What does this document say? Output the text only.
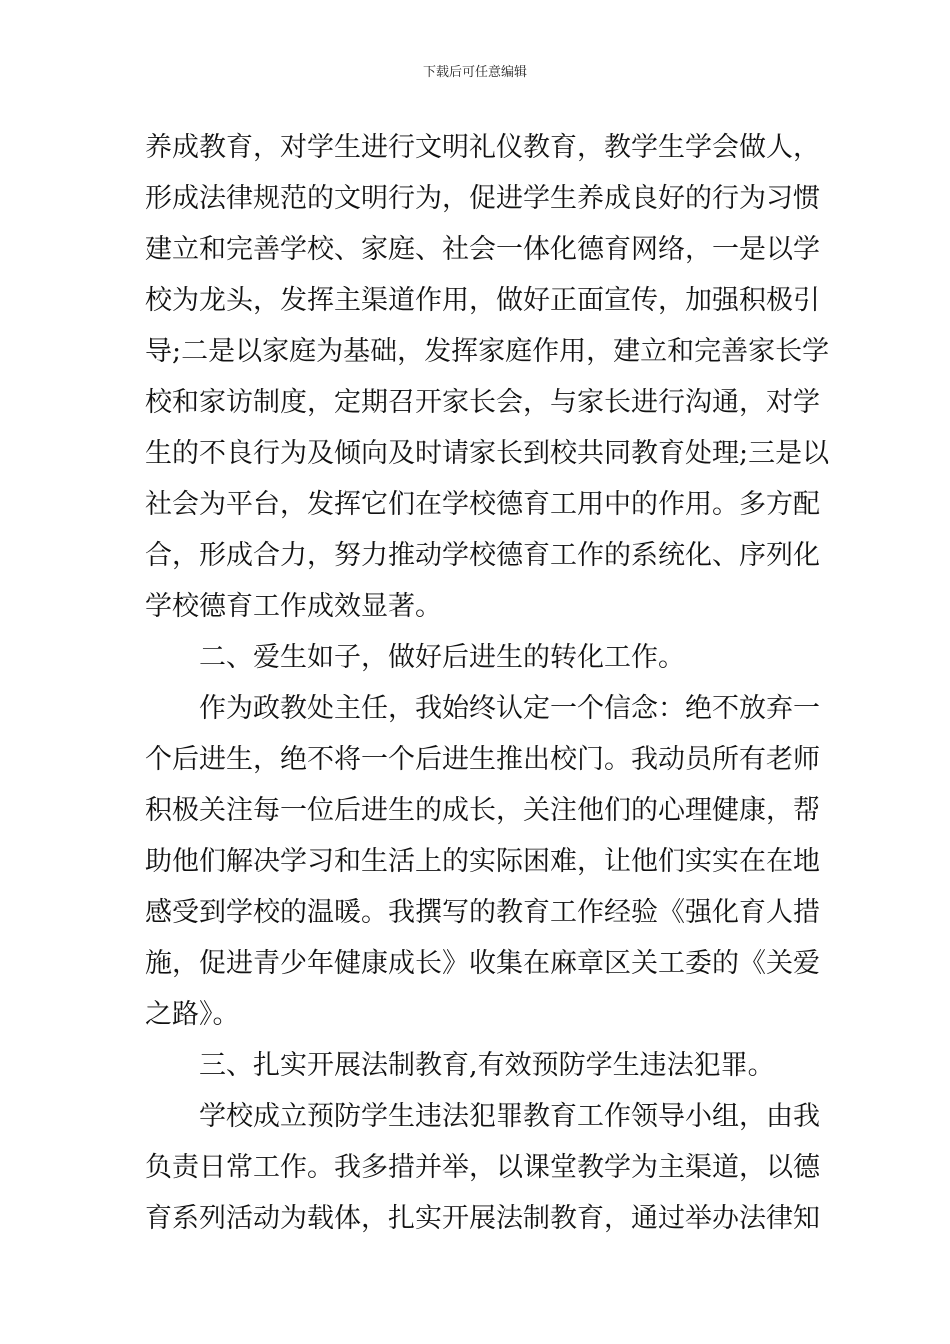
下载后可任意编辑
养成教育，对学生进行文明礼仪教育，教学生学会做人，
形成法律规范的文明行为，促进学生养成良好的行为习惯
建立和完善学校、家庭、社会一体化德育网络，一是以学
校为龙头，发挥主渠道作用，做好正面宣传，加强积极引
导;二是以家庭为基础，发挥家庭作用，建立和完善家长学
校和家访制度，定期召开家长会，与家长进行沟通，对学
生的不良行为及倾向及时请家长到校共同教育处理;三是以
社会为平台，发挥它们在学校德育工用中的作用。多方配
合，形成合力，努力推动学校德育工作的系统化、序列化
学校德育工作成效显著。
二、爱生如子，做好后进生的转化工作。
作为政教处主任，我始终认定一个信念：绝不放弃一
个后进生，绝不将一个后进生推出校门。我动员所有老师
积极关注每一位后进生的成长，关注他们的心理健康，帮
助他们解决学习和生活上的实际困难，让他们实实在在地
感受到学校的温暖。我撰写的教育工作经验《强化育人措
施，促进青少年健康成长》收集在麻章区关工委的《关爱
之路》。
三、扎实开展法制教育,有效预防学生违法犯罪。
学校成立预防学生违法犯罪教育工作领导小组，由我
负责日常工作。我多措并举，以课堂教学为主渠道，以德
育系列活动为载体，扎实开展法制教育，通过举办法律知
